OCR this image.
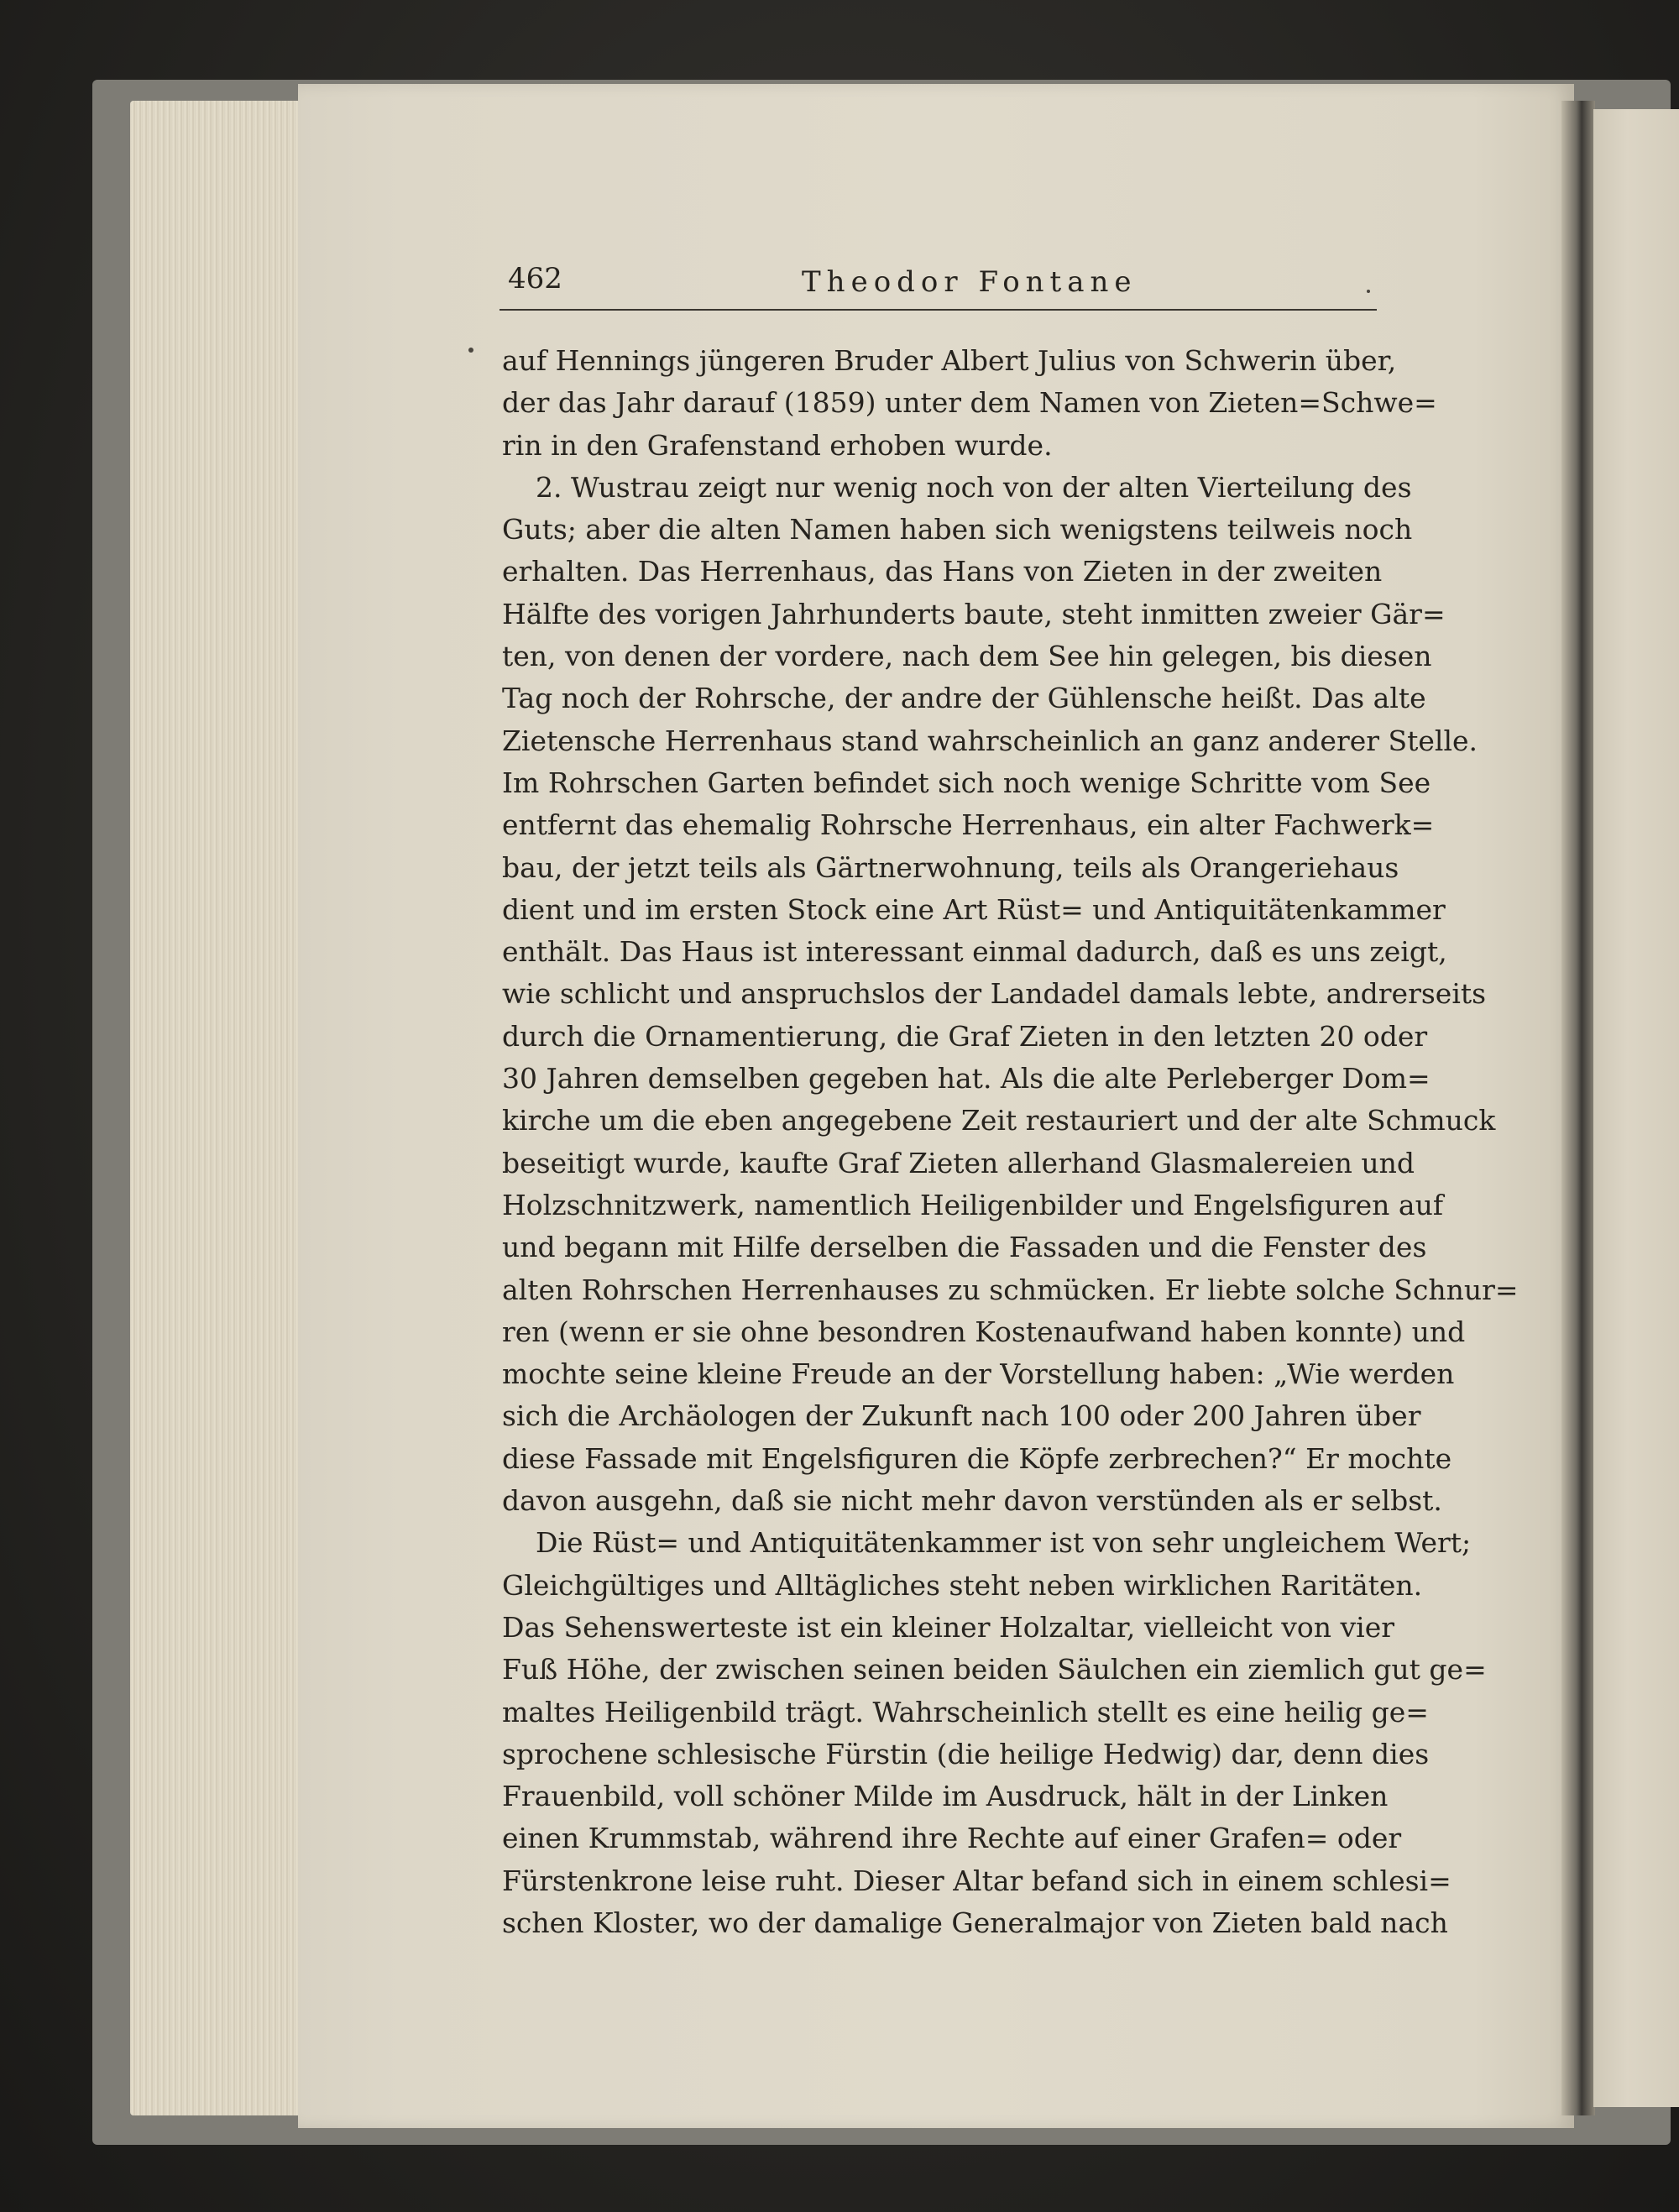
462	Theodor Fontane
auf Hennings jüngeren Bruder Albert Julius von Schwerin über,
der das Jahr darauf (1859) unter dem Namen von Zieten=Schwe=
rin in den Grafenstand erhoben wurde.
2. Wustrau zeigt nur wenig noch von der alten Vierteilung des
Guts; aber die alten Namen haben sich wenigstens teilweis noch
erhalten. Das Herrenhaus, das Hans von Zieten in der zweiten
Hälfte des vorigen Jahrhunderts baute, steht inmitten zweier Gär=
ten, von denen der vordere, nach dem See hin gelegen, bis diesen
Tag noch der Rohrsche, der andre der Gühlensche heißt. Das alte
Zietensche Herrenhaus stand wahrscheinlich an ganz anderer Stelle.
Im Rohrschen Garten befindet sich noch wenige Schritte vom See
entfernt das ehemalig Rohrsche Herrenhaus, ein alter Fachwerk=
bau, der jetzt teils als Gärtnerwohnung, teils als Orangeriehaus
dient und im ersten Stock eine Art Rüst= und Antiquitätenkammer
enthält. Das Haus ist interessant einmal dadurch, daß es uns zeigt,
wie schlicht und anspruchslos der Landadel damals lebte, andrerseits
durch die Ornamentierung, die Graf Zieten in den letzten 20 oder
30 Jahren demselben gegeben hat. Als die alte Perleberger Dom=
kirche um die eben angegebene Zeit restauriert und der alte Schmuck
beseitigt wurde, kaufte Graf Zieten allerhand Glasmalereien und
Holzschnitzwerk, namentlich Heiligenbilder und Engelsfiguren auf
und begann mit Hilfe derselben die Fassaden und die Fenster des
alten Rohrschen Herrenhauses zu schmücken. Er liebte solche Schnur=
ren (wenn er sie ohne besondren Kostenaufwand haben konnte) und
mochte seine kleine Freude an der Vorstellung haben: „Wie werden
sich die Archäologen der Zukunft nach 100 oder 200 Jahren über
diese Fassade mit Engelsfiguren die Köpfe zerbrechen?“ Er mochte
davon ausgehn, daß sie nicht mehr davon verstünden als er selbst.
Die Rüst= und Antiquitätenkammer ist von sehr ungleichem Wert;
Gleichgültiges und Alltägliches steht neben wirklichen Raritäten.
Das Sehenswerteste ist ein kleiner Holzaltar, vielleicht von vier
Fuß Höhe, der zwischen seinen beiden Säulchen ein ziemlich gut ge=
maltes Heiligenbild trägt. Wahrscheinlich stellt es eine heilig ge=
sprochene schlesische Fürstin (die heilige Hedwig) dar, denn dies
Frauenbild, voll schöner Milde im Ausdruck, hält in der Linken
einen Krummstab, während ihre Rechte auf einer Grafen= oder
Fürstenkrone leise ruht. Dieser Altar befand sich in einem schlesi=
schen Kloster, wo der damalige Generalmajor von Zieten bald nach
